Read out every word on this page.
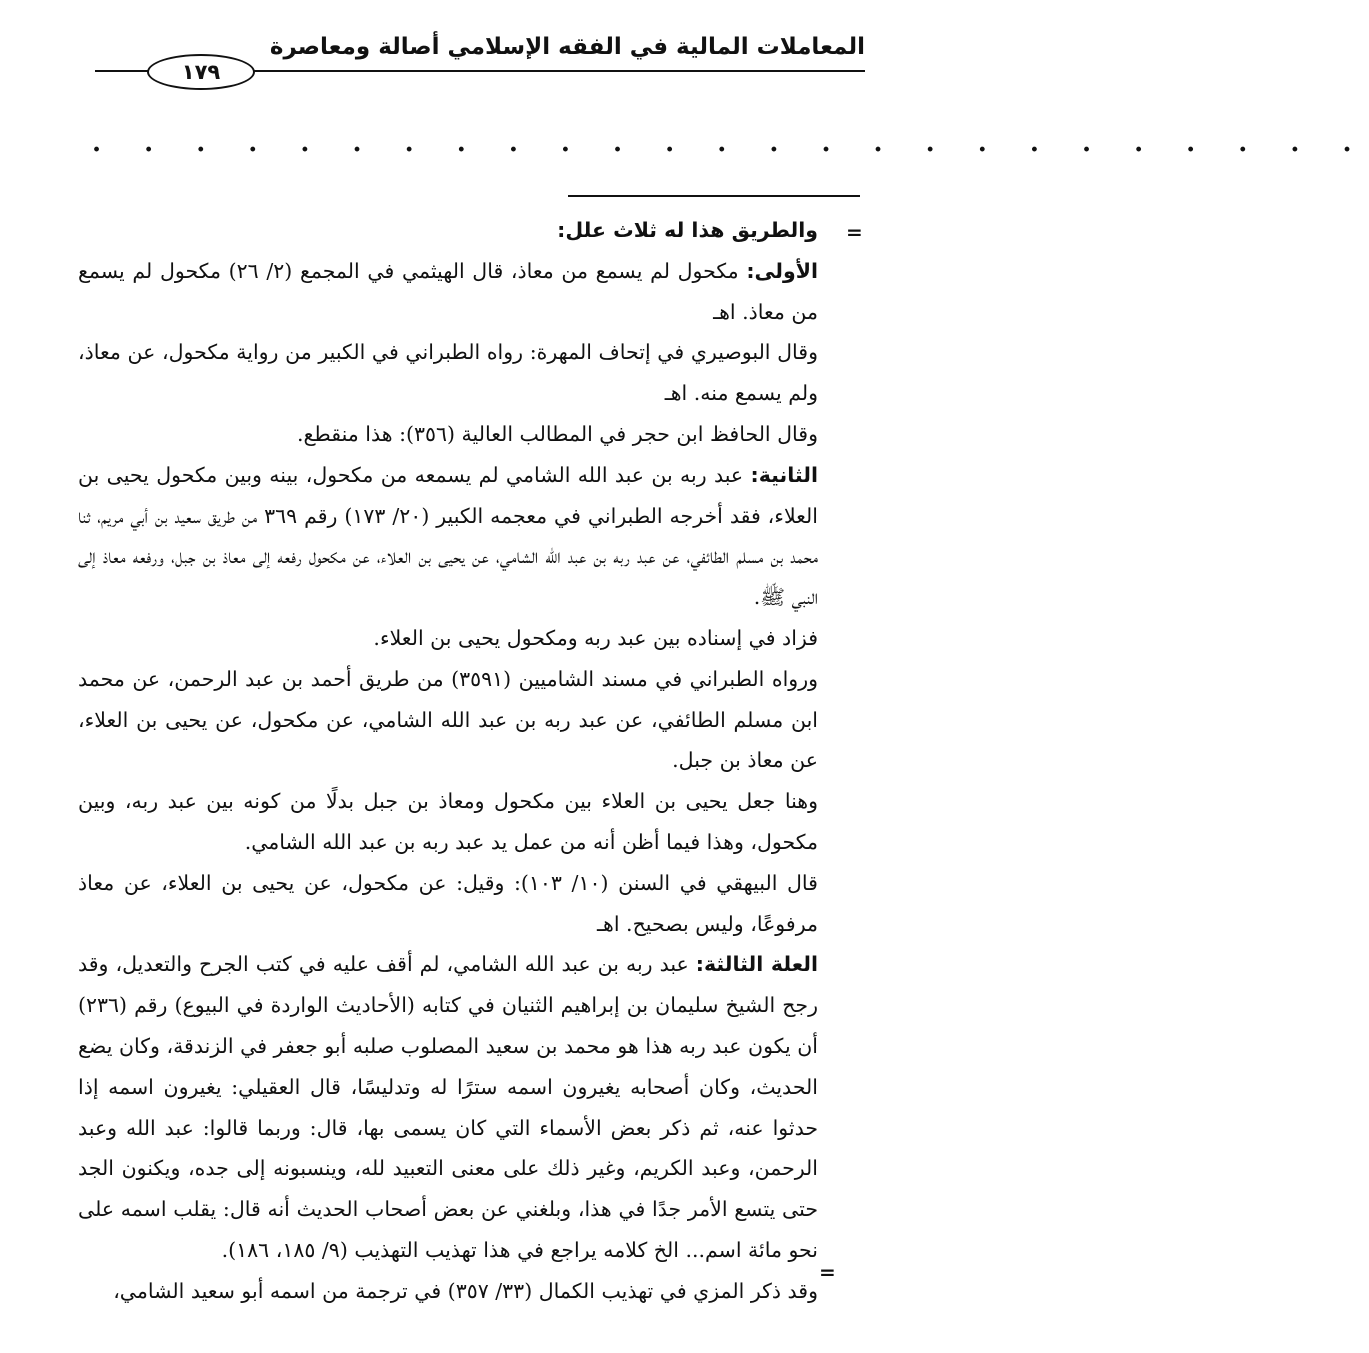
المعاملات المالية في الفقه الإسلامي أصالة ومعاصرة
١٧٩
. . . . . . . . . . . . . . . . . . . . . . . . .
=

والطريق هذا له ثلاث علل:

الأولى: مكحول لم يسمع من معاذ، قال الهيثمي في المجمع (٢/ ٢٦) مكحول لم يسمع من معاذ. اهـ

وقال البوصيري في إتحاف المهرة: رواه الطبراني في الكبير من رواية مكحول، عن معاذ، ولم يسمع منه. اهـ

وقال الحافظ ابن حجر في المطالب العالية (٣٥٦): هذا منقطع.

الثانية: عبد ربه بن عبد الله الشامي لم يسمعه من مكحول، بينه وبين مكحول يحيى بن العلاء، فقد أخرجه الطبراني في معجمه الكبير (٢٠/ ١٧٣) رقم ٣٦٩ من طريق سعيد بن أبي مريم، ثنا محمد بن مسلم الطائفي، عن عبد ربه بن عبد الله الشامي، عن يحيى بن العلاء، عن مكحول رفعه إلى معاذ بن جبل، ورفعه معاذ إلى النبي ﷺ.

فزاد في إسناده بين عبد ربه ومكحول يحيى بن العلاء.

ورواه الطبراني في مسند الشاميين (٣٥٩١) من طريق أحمد بن عبد الرحمن، عن محمد ابن مسلم الطائفي، عن عبد ربه بن عبد الله الشامي، عن مكحول، عن يحيى بن العلاء، عن معاذ بن جبل.

وهنا جعل يحيى بن العلاء بين مكحول ومعاذ بن جبل بدلًا من كونه بين عبد ربه، وبين مكحول، وهذا فيما أظن أنه من عمل يد عبد ربه بن عبد الله الشامي.

قال البيهقي في السنن (١٠/ ١٠٣): وقيل: عن مكحول، عن يحيى بن العلاء، عن معاذ مرفوعًا، وليس بصحيح. اهـ

العلة الثالثة: عبد ربه بن عبد الله الشامي، لم أقف عليه في كتب الجرح والتعديل، وقد رجح الشيخ سليمان بن إبراهيم الثنيان في كتابه (الأحاديث الواردة في البيوع) رقم (٢٣٦) أن يكون عبد ربه هذا هو محمد بن سعيد المصلوب صلبه أبو جعفر في الزندقة، وكان يضع الحديث، وكان أصحابه يغيرون اسمه سترًا له وتدليسًا، قال العقيلي: يغيرون اسمه إذا حدثوا عنه، ثم ذكر بعض الأسماء التي كان يسمى بها، قال: وربما قالوا: عبد الله وعبد الرحمن، وعبد الكريم، وغير ذلك على معنى التعبيد لله، وينسبونه إلى جده، ويكنون الجد حتى يتسع الأمر جدًا في هذا، وبلغني عن بعض أصحاب الحديث أنه قال: يقلب اسمه على نحو مائة اسم... الخ كلامه يراجع في هذا تهذيب التهذيب (٩/ ١٨٥، ١٨٦).

وقد ذكر المزي في تهذيب الكمال (٣٣/ ٣٥٧) في ترجمة من اسمه أبو سعيد الشامي،

=
